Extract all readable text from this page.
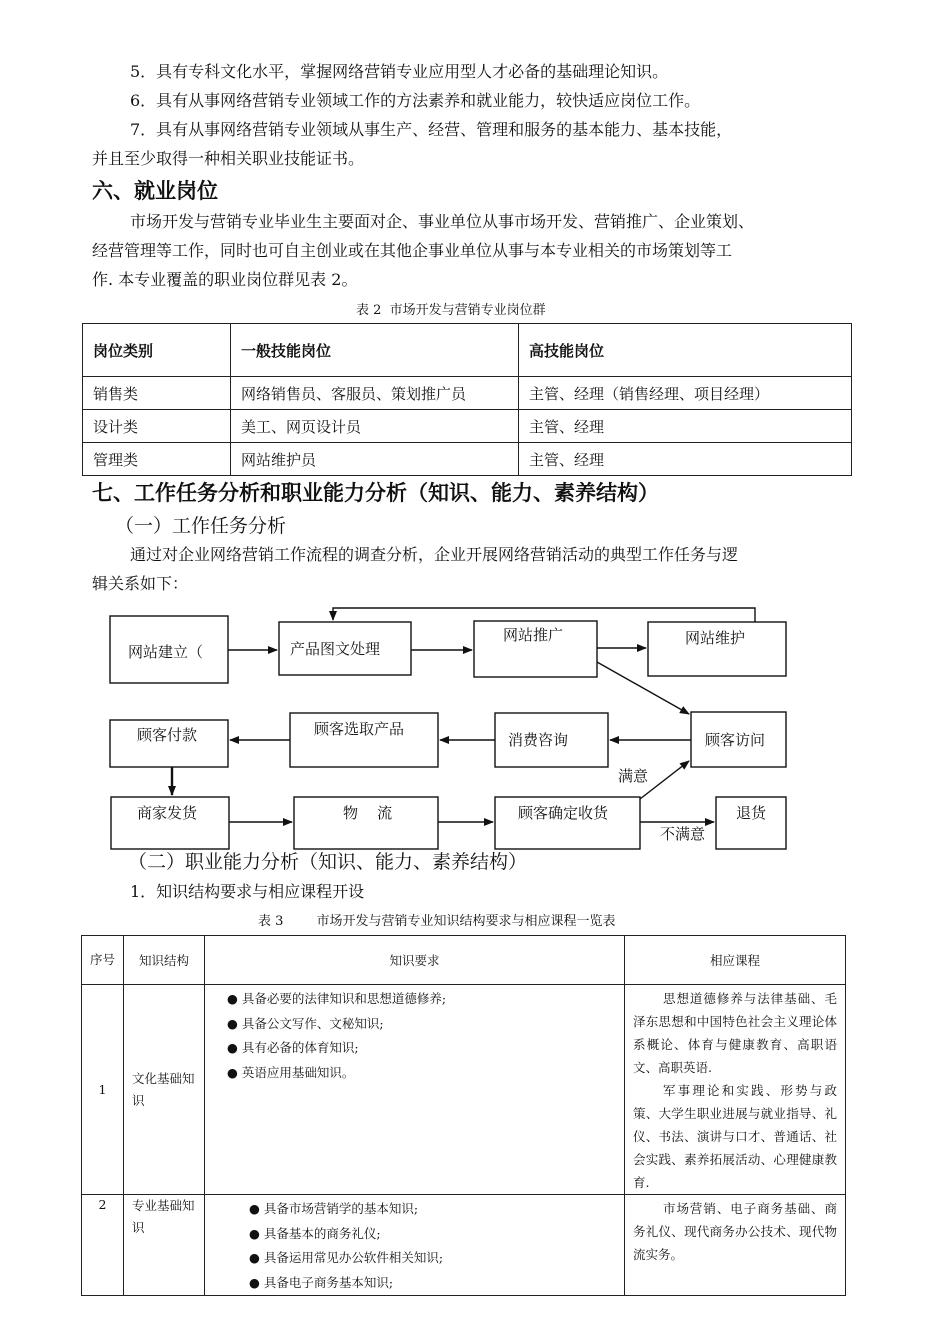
5．具有专科文化水平，掌握网络营销专业应用型人才必备的基础理论知识。
6．具有从事网络营销专业领域工作的方法素养和就业能力，较快适应岗位工作。
7．具有从事网络营销专业领域从事生产、经营、管理和服务的基本能力、基本技能，
并且至少取得一种相关职业技能证书。
六、就业岗位
市场开发与营销专业毕业生主要面对企、事业单位从事市场开发、营销推广、企业策划、
经营管理等工作，同时也可自主创业或在其他企事业单位从事与本专业相关的市场策划等工
作. 本专业覆盖的职业岗位群见表 2。
表 2  市场开发与营销专业岗位群
岗位类别	一般技能岗位	高技能岗位
销售类	网络销售员、客服员、策划推广员	主管、经理（销售经理、项目经理）
设计类	美工、网页设计员	主管、经理
管理类	网站维护员	主管、经理
七、工作任务分析和职业能力分析（知识、能力、素养结构）
（一）工作任务分析
通过对企业网络营销工作流程的调查分析，企业开展网络营销活动的典型工作任务与逻
辑关系如下：
网站建立（	产品图文处理
网站推广	网站维护
顾客访问
消费咨询
顾客选取产品
顾客付款
商家发货	物    流	顾客确定收货	退货
满意
不满意
（二）职业能力分析（知识、能力、素养结构）
1．知识结构要求与相应课程开设
表 3        市场开发与营销专业知识结构要求与相应课程一览表
序号	知识结构	知识要求	相应课程
1	文化基础知识	● 具备必要的法律知识和思想道德修养;
● 具备公文写作、文秘知识;
● 具有必备的体育知识;
● 英语应用基础知识。	思想道德修养与法律基础、毛泽东思想和中国特色社会主义理论体系概论、体育与健康教育、高职语文、高职英语.
军事理论和实践、形势与政策、大学生职业进展与就业指导、礼仪、书法、演讲与口才、普通话、社会实践、素养拓展活动、心理健康教育.

2	专业基础知识	● 具备市场营销学的基本知识;
● 具备基本的商务礼仪;
● 具备运用常见办公软件相关知识;
● 具备电子商务基本知识;	市场营销、电子商务基础、商务礼仪、现代商务办公技术、现代物流实务。
